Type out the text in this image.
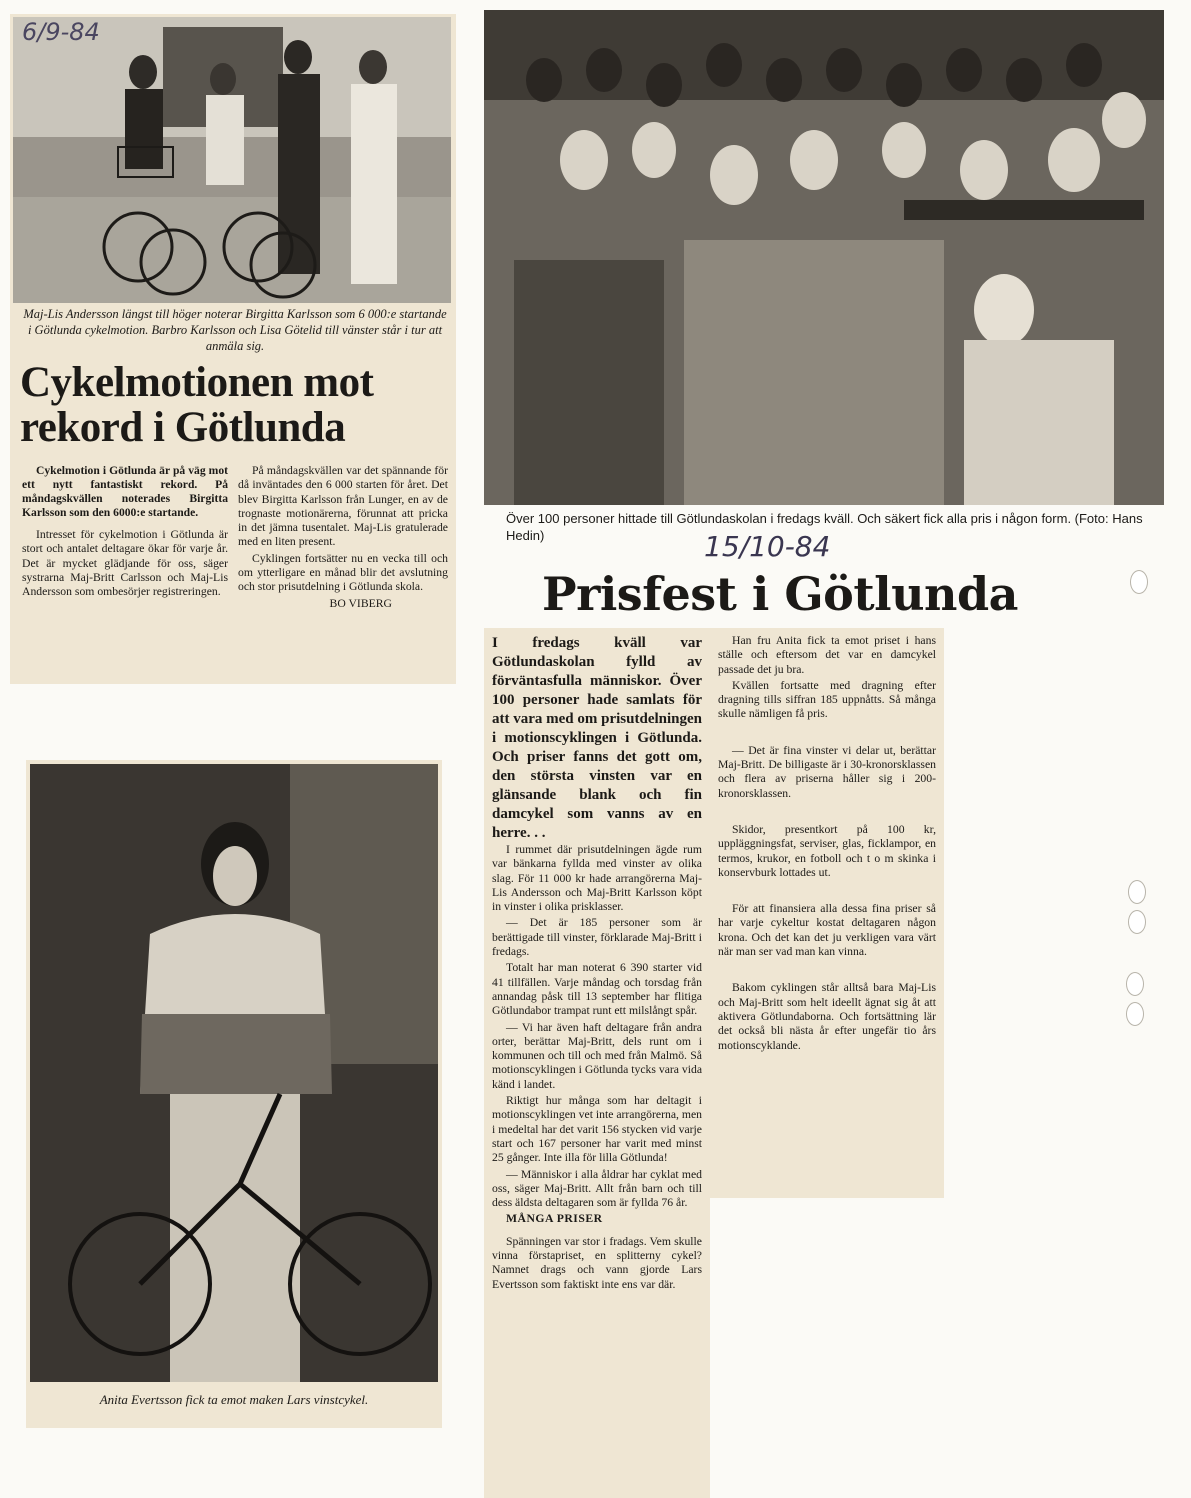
6/9-84
Maj-Lis Andersson längst till höger noterar Birgitta Karlsson som 6 000:e startande i Götlunda cykelmotion. Barbro Karlsson och Lisa Götelid till vänster står i tur att anmäla sig.
Cykelmotionen mot
rekord i Götlunda

Cykelmotion i Götlunda är på väg mot ett nytt fantastiskt rekord. På måndagskvällen noterades Birgitta Karlsson som den 6000:e startande.

Intresset för cykelmotion i Götlunda är stort och antalet deltagare ökar för varje år. Det är mycket glädjande för oss, säger systrarna Maj-Britt Carlsson och Maj-Lis Andersson som ombesörjer registreringen.

På måndagskvällen var det spännande för då inväntades den 6 000 starten för året. Det blev Birgitta Karlsson från Lunger, en av de trognaste motionärerna, förunnat att pricka in det jämna tusentalet. Maj-Lis gratulerade med en liten present.

Cyklingen fortsätter nu en vecka till och om ytterligare en månad blir det avslutning och stor prisutdelning i Götlunda skola.

BO VIBERG
Över 100 personer hittade till Götlundaskolan i fredags kväll. Och säkert fick alla pris i någon form. (Foto: Hans Hedin)	15/10-84
Prisfest i Götlunda
I fredags kväll var Götlundaskolan fylld av förväntasfulla människor. Över 100 personer hade samlats för att vara med om prisutdelningen i motionscyklingen i Götlunda. Och priser fanns det gott om, den största vinsten var en glänsande blank och fin damcykel som vanns av en herre. . .

I rummet där prisutdelningen ägde rum var bänkarna fyllda med vinster av olika slag. För 11 000 kr hade arrangörerna Maj-Lis Andersson och Maj-Britt Karlsson köpt in vinster i olika prisklasser.

— Det är 185 personer som är berättigade till vinster, förklarade Maj-Britt i fredags.

Totalt har man noterat 6 390 starter vid 41 tillfällen. Varje måndag och torsdag från annandag påsk till 13 september har flitiga Götlundabor trampat runt ett milslångt spår.

— Vi har även haft deltagare från andra orter, berättar Maj-Britt, dels runt om i kommunen och till och med från Malmö. Så motionscyklingen i Götlunda tycks vara vida känd i landet.

Riktigt hur många som har deltagit i motionscyklingen vet inte arrangörerna, men i medeltal har det varit 156 stycken vid varje start och 167 personer har varit med minst 25 gånger. Inte illa för lilla Götlunda!

— Människor i alla åldrar har cyklat med oss, säger Maj-Britt. Allt från barn och till dess äldsta deltagaren som är fyllda 76 år.

MÅNGA PRISER

Spänningen var stor i fradags. Vem skulle vinna förstapriset, en splitterny cykel? Namnet drags och vann gjorde Lars Evertsson som faktiskt inte ens var där.

Han fru Anita fick ta emot priset i hans ställe och eftersom det var en damcykel passade det ju bra.

Kvällen fortsatte med dragning efter dragning tills siffran 185 uppnåtts. Så många skulle nämligen få pris.

— Det är fina vinster vi delar ut, berättar Maj-Britt. De billigaste är i 30-kronorsklassen och flera av priserna håller sig i 200-kronorsklassen.

Skidor, presentkort på 100 kr, uppläggningsfat, serviser, glas, ficklampor, en termos, krukor, en fotboll och t o m skinka i konservburk lottades ut.

För att finansiera alla dessa fina priser så har varje cykeltur kostat deltagaren någon krona. Och det kan det ju verkligen vara värt när man ser vad man kan vinna.

Bakom cyklingen står alltså bara Maj-Lis och Maj-Britt som helt ideellt ägnat sig åt att aktivera Götlundaborna. Och fortsättning lär det också bli nästa år efter ungefär tio års motionscyklande.

Anita Evertsson fick ta emot maken Lars vinstcykel.
